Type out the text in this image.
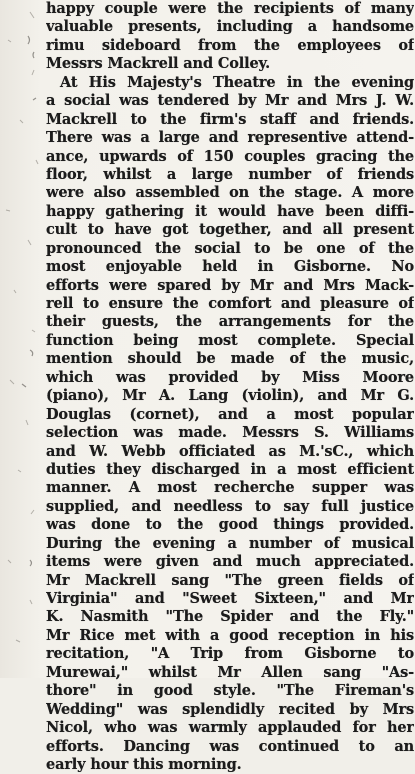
happy couple were the recipients of many
valuable presents, including a handsome
rimu sideboard from the employees of
Messrs Mackrell and Colley.
At His Majesty's Theatre in the evening
a social was tendered by Mr and Mrs J. W.
Mackrell to the firm's staff and friends.
There was a large and representive attend-
ance, upwards of 150 couples gracing the
floor, whilst a large number of friends
were also assembled on the stage. A more
happy gathering it would have been diffi-
cult to have got together, and all present
pronounced the social to be one of the
most enjoyable held in Gisborne. No
efforts were spared by Mr and Mrs Mack-
rell to ensure the comfort and pleasure of
their guests, the arrangements for the
function being most complete. Special
mention should be made of the music,
which was provided by Miss Moore
(piano), Mr A. Lang (violin), and Mr G.
Douglas (cornet), and a most popular
selection was made. Messrs S. Williams
and W. Webb officiated as M.'sC., which
duties they discharged in a most efficient
manner. A most recherche supper was
supplied, and needless to say full justice
was done to the good things provided.
During the evening a number of musical
items were given and much appreciated.
Mr Mackrell sang "The green fields of
Virginia" and "Sweet Sixteen," and Mr
K. Nasmith "The Spider and the Fly."
Mr Rice met with a good reception in his
recitation, "A Trip from Gisborne to
Murewai," whilst Mr Allen sang "As-
thore" in good style. "The Fireman's
Wedding" was splendidly recited by Mrs
Nicol, who was warmly applauded for her
efforts. Dancing was continued to an
early hour this morning.
